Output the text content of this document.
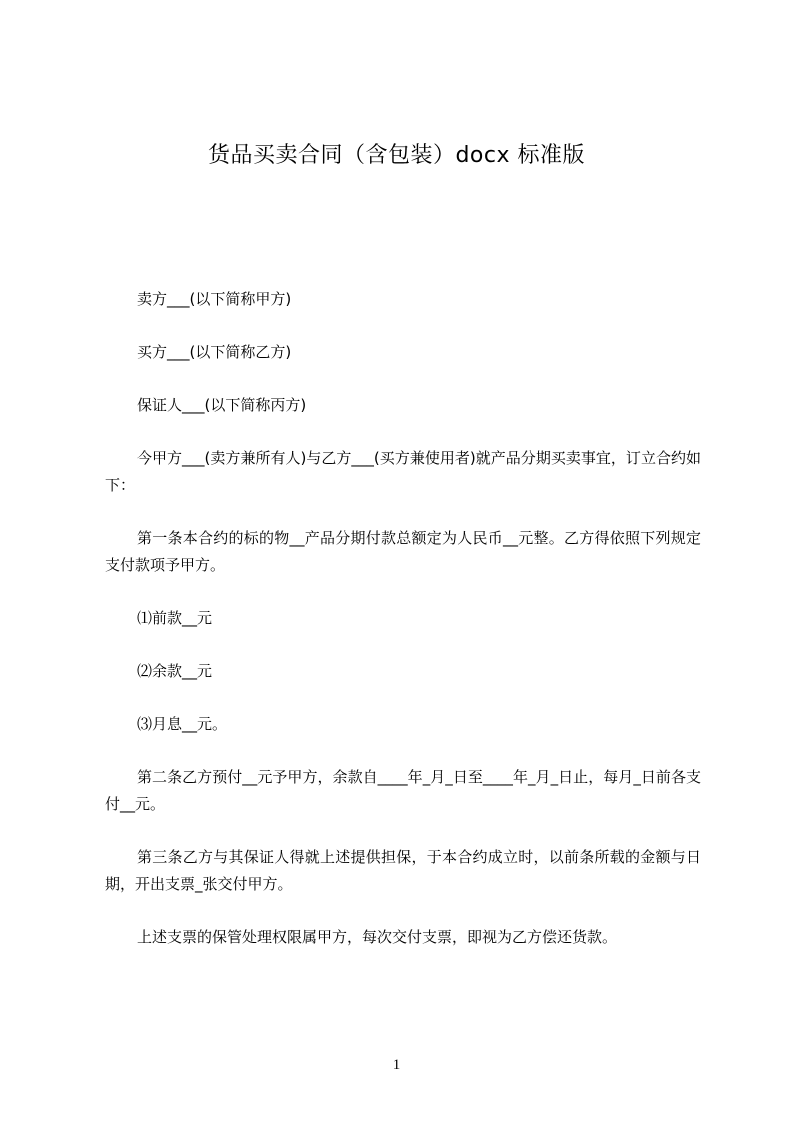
货品买卖合同（含包装）docx 标准版

卖方___(以下简称甲方)

买方___(以下简称乙方)

保证人___(以下简称丙方)

今甲方___(卖方兼所有人)与乙方___(买方兼使用者)就产品分期买卖事宜，订立合约如下：

第一条本合约的标的物__产品分期付款总额定为人民币__元整。乙方得依照下列规定支付款项予甲方。

⑴前款__元

⑵余款__元

⑶月息__元。

第二条乙方预付__元予甲方，余款自____年_月_日至____年_月_日止，每月_日前各支付__元。

第三条乙方与其保证人得就上述提供担保，于本合约成立时，以前条所载的金额与日期，开出支票_张交付甲方。

上述支票的保管处理权限属甲方，每次交付支票，即视为乙方偿还货款。

1
